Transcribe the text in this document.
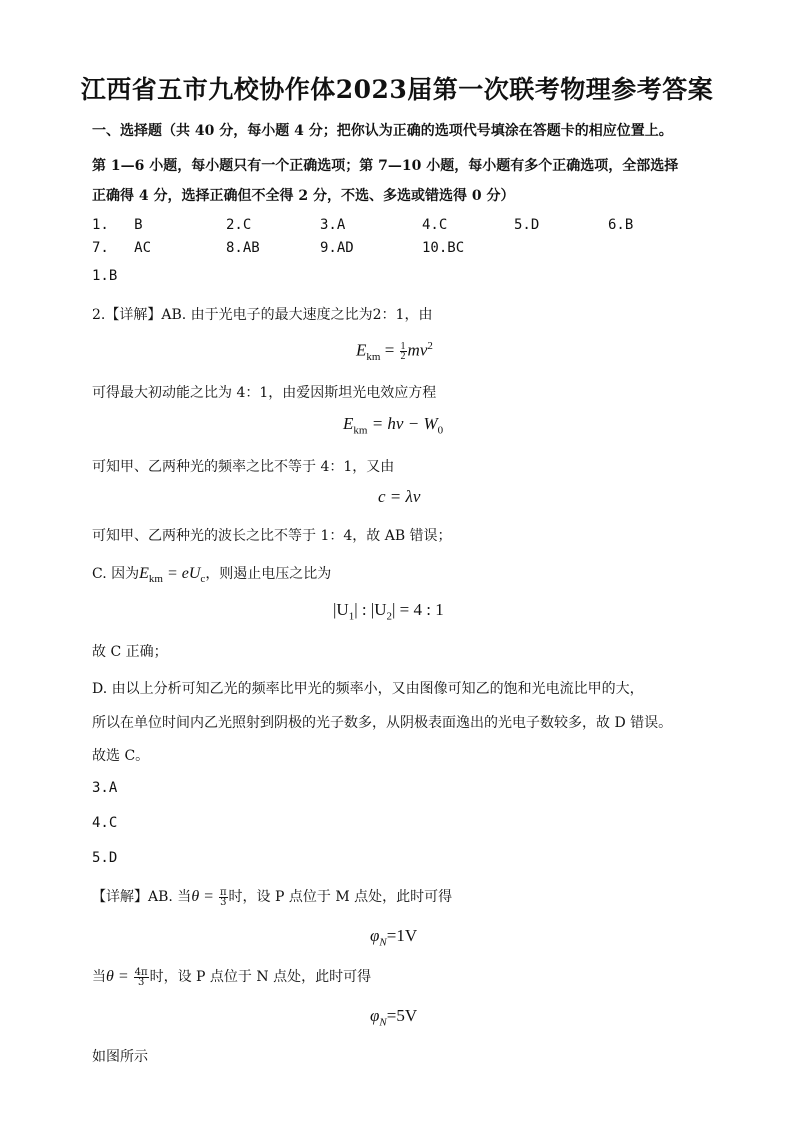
江西省五市九校协作体2023届第一次联考物理参考答案
一、选择题（共 40 分，每小题 4 分；把你认为正确的选项代号填涂在答题卡的相应位置上。
第 1—6 小题，每小题只有一个正确选项；第 7—10 小题，每小题有多个正确选项，全部选择
正确得 4 分，选择正确但不全得 2 分，不选、多选或错选得 0 分）
1. B	2.C	3.A	4.C	5.D	6.B
7. AC	8.AB	9.AD	10.BC
1.B
2.【详解】AB. 由于光电子的最大速度之比为2：1，由
$E_{km} = \frac{1}{2} mv^2$
可得最大初动能之比为 4：1，由爱因斯坦光电效应方程
$E_{km} = h\nu - W_0$
可知甲、乙两种光的频率之比不等于 4：1，又由
c = λν
可知甲、乙两种光的波长之比不等于 1：4，故 AB 错误；
C. 因为$E_{km} = eU_c$，则遏止电压之比为
$|U_1|$ : $|U_2| = 4$ : 1
故 C 正确；
D. 由以上分析可知乙光的频率比甲光的频率小，又由图像可知乙的饱和光电流比甲的大，
所以在单位时间内乙光照射到阴极的光子数多，从阴极表面逸出的光电子数较多，故 D 错误。
故选 C。
3.A
4.C
5.D
【详解】AB. 当$\theta = \frac{\pi}{3}$ 时，设 P 点位于 M 点处，此时可得
$\varphi_N=1V$
当$\theta = \frac{4\pi}{3}$ 时，设 P 点位于 N 点处，此时可得
$\varphi_N=5V$
如图所示
